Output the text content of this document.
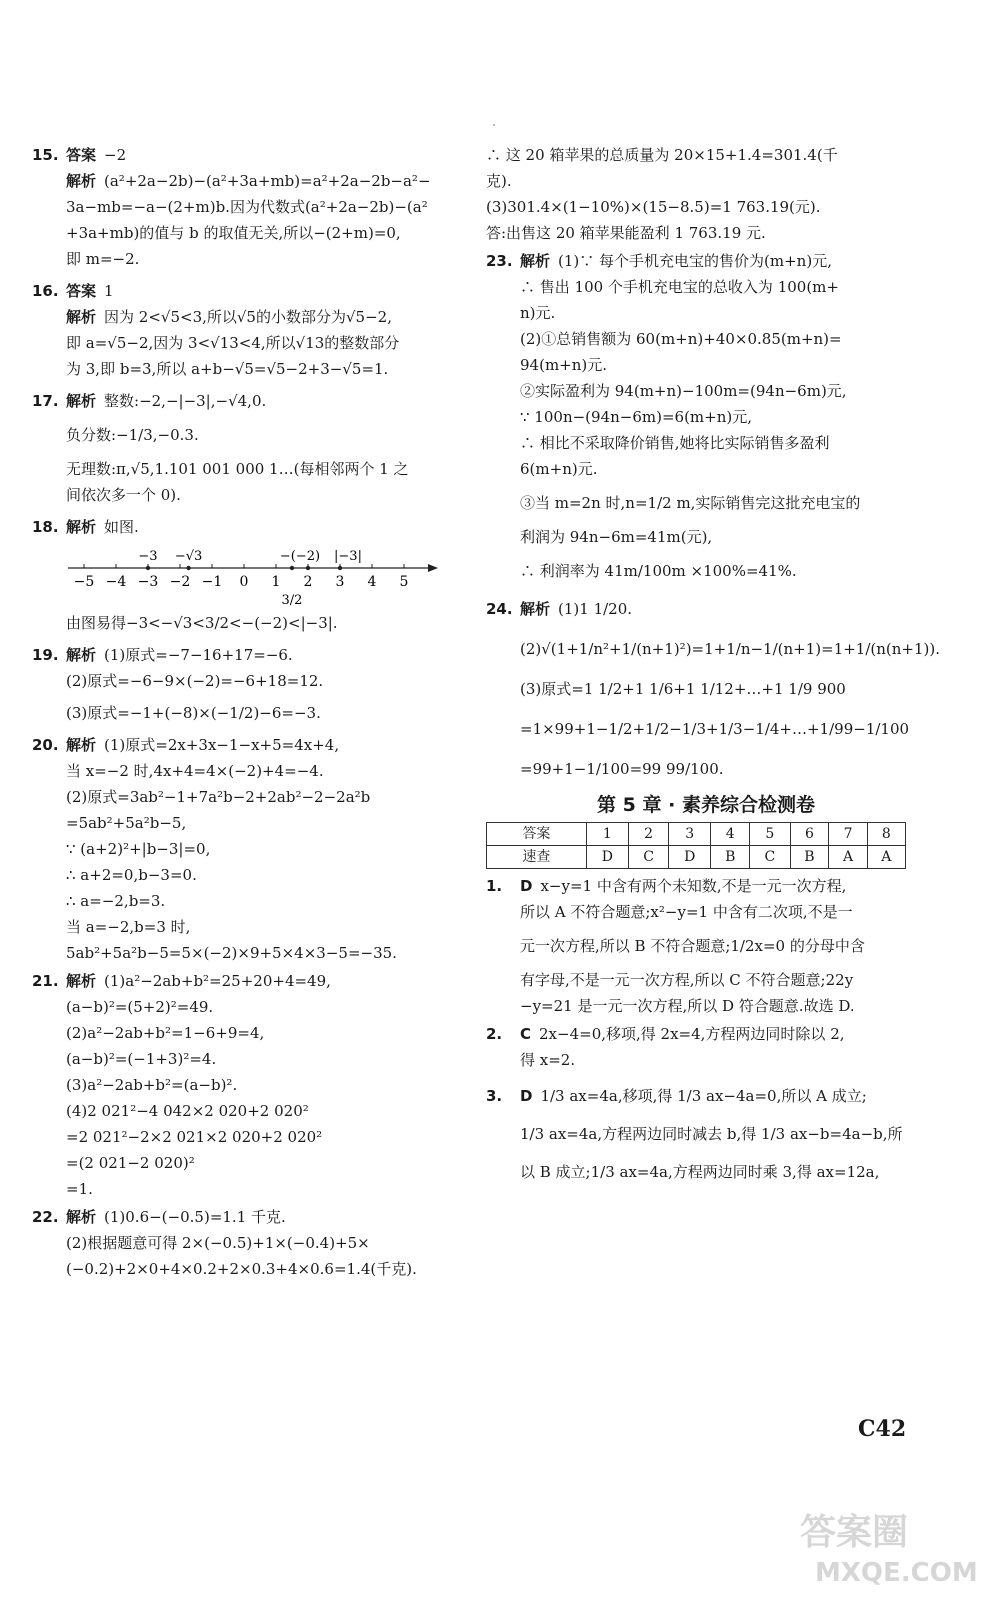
15. 答案 −2
解析 (a²+2a−2b)−(a²+3a+mb)=a²+2a−2b−a²−
3a−mb=−a−(2+m)b.因为代数式(a²+2a−2b)−(a²
+3a+mb)的值与 b 的取值无关,所以−(2+m)=0,
即 m=−2.
16. 答案 1
解析 因为 2<√5<3,所以√5的小数部分为√5−2,
即 a=√5−2,因为 3<√13<4,所以√13的整数部分
为 3,即 b=3,所以 a+b−√5=√5−2+3−√5=1.
17. 解析 整数:−2,−|−3|,−√4,0.
负分数:−1/3,−0.3.
无理数:π,√5,1.101 001 000 1…(每相邻两个 1 之
间依次多一个 0).
18. 解析 如图.
−5 −4 −3 −2 −1 0 1 2 3 4 5
−3 −√3	−(−2) |−3|
3/2
由图易得−3<−√3<3/2<−(−2)<|−3|.
19. 解析 (1)原式=−7−16+17=−6.
(2)原式=−6−9×(−2)=−6+18=12.
(3)原式=−1+(−8)×(−1/2)−6=−3.
20. 解析 (1)原式=2x+3x−1−x+5=4x+4,
当 x=−2 时,4x+4=4×(−2)+4=−4.
(2)原式=3ab²−1+7a²b−2+2ab²−2−2a²b
=5ab²+5a²b−5,
∵ (a+2)²+|b−3|=0,
∴ a+2=0,b−3=0.
∴ a=−2,b=3.
当 a=−2,b=3 时,
5ab²+5a²b−5=5×(−2)×9+5×4×3−5=−35.
21. 解析 (1)a²−2ab+b²=25+20+4=49,
(a−b)²=(5+2)²=49.
(2)a²−2ab+b²=1−6+9=4,
(a−b)²=(−1+3)²=4.
(3)a²−2ab+b²=(a−b)².
(4)2 021²−4 042×2 020+2 020²
=2 021²−2×2 021×2 020+2 020²
=(2 021−2 020)²
=1.
22. 解析 (1)0.6−(−0.5)=1.1 千克.
(2)根据题意可得 2×(−0.5)+1×(−0.4)+5×
(−0.2)+2×0+4×0.2+2×0.3+4×0.6=1.4(千克).
∴ 这 20 箱苹果的总质量为 20×15+1.4=301.4(千
克).
(3)301.4×(1−10%)×(15−8.5)=1 763.19(元).
答:出售这 20 箱苹果能盈利 1 763.19 元.
23. 解析 (1)∵ 每个手机充电宝的售价为(m+n)元,
∴ 售出 100 个手机充电宝的总收入为 100(m+
n)元.
(2)①总销售额为 60(m+n)+40×0.85(m+n)=
94(m+n)元.
②实际盈利为 94(m+n)−100m=(94n−6m)元,
∵ 100n−(94n−6m)=6(m+n)元,
∴ 相比不采取降价销售,她将比实际销售多盈利
6(m+n)元.
③当 m=2n 时,n=1/2 m,实际销售完这批充电宝的
利润为 94n−6m=41m(元),
∴ 利润率为 41m/100m ×100%=41%.
24. 解析 (1)1 1/20.
(2)√(1+1/n²+1/(n+1)²)=1+1/n−1/(n+1)=1+1/(n(n+1)).
(3)原式=1 1/2+1 1/6+1 1/12+…+1 1/9 900
=1×99+1−1/2+1/2−1/3+1/3−1/4+…+1/99−1/100
=99+1−1/100=99 99/100.
第 5 章 · 素养综合检测卷
答案	1	2	3	4	5	6	7	8
速查	D	C	D	B	C	B	A	A
1. D x−y=1 中含有两个未知数,不是一元一次方程,
所以 A 不符合题意;x²−y=1 中含有二次项,不是一
元一次方程,所以 B 不符合题意;1/2x=0 的分母中含
有字母,不是一元一次方程,所以 C 不符合题意;22y
−y=21 是一元一次方程,所以 D 符合题意.故选 D.
2. C 2x−4=0,移项,得 2x=4,方程两边同时除以 2,
得 x=2.
3. D 1/3 ax=4a,移项,得 1/3 ax−4a=0,所以 A 成立;
1/3 ax=4a,方程两边同时减去 b,得 1/3 ax−b=4a−b,所
以 B 成立;1/3 ax=4a,方程两边同时乘 3,得 ax=12a,
C42
答案圈
MXQE.COM
